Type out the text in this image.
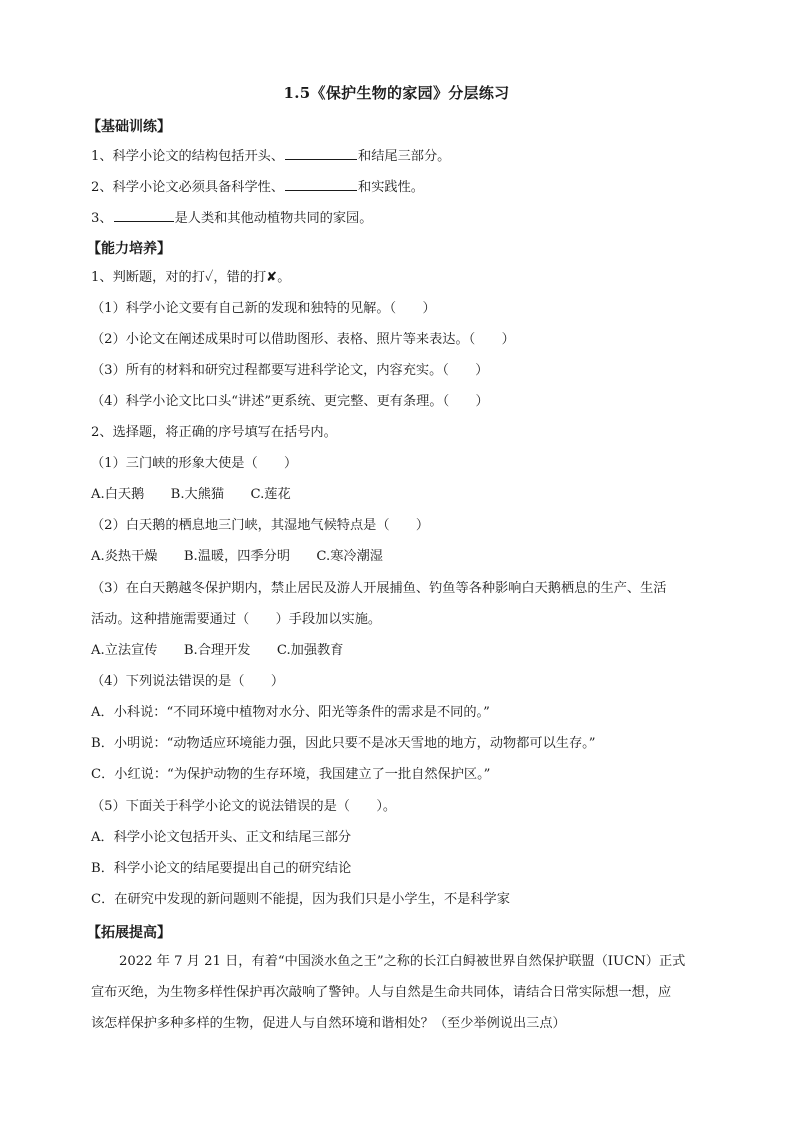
1.5《保护生物的家园》分层练习
【基础训练】
1、科学小论文的结构包括开头、	和结尾三部分。
2、科学小论文必须具备科学性、	和实践性。
3、	是人类和其他动植物共同的家园。
【能力培养】
1、判断题，对的打✓，错的打✘。
（1）科学小论文要有自己新的发现和独特的见解。（　　）
（2）小论文在阐述成果时可以借助图形、表格、照片等来表达。（　　）
（3）所有的材料和研究过程都要写进科学论文，内容充实。（　　）
（4）科学小论文比口头“讲述”更系统、更完整、更有条理。（　　）
2、选择题，将正确的序号填写在括号内。
（1）三门峡的形象大使是（　　）
A.白天鹅　　B.大熊猫　　C.莲花
（2）白天鹅的栖息地三门峡，其湿地气候特点是（　　）
A.炎热干燥　　B.温暖，四季分明　　C.寒冷潮湿
（3）在白天鹅越冬保护期内，禁止居民及游人开展捕鱼、钓鱼等各种影响白天鹅栖息的生产、生活
活动。这种措施需要通过（　　）手段加以实施。
A.立法宣传　　B.合理开发　　C.加强教育
（4）下列说法错误的是（　　）
A．小科说：“不同环境中植物对水分、阳光等条件的需求是不同的。”
B．小明说：“动物适应环境能力强，因此只要不是冰天雪地的地方，动物都可以生存。”
C．小红说：“为保护动物的生存环境，我国建立了一批自然保护区。”
（5）下面关于科学小论文的说法错误的是（　　）。
A．科学小论文包括开头、正文和结尾三部分
B．科学小论文的结尾要提出自己的研究结论
C．在研究中发现的新问题则不能提，因为我们只是小学生，不是科学家
【拓展提高】
2022 年 7 月 21 日，有着“中国淡水鱼之王”之称的长江白鲟被世界自然保护联盟（IUCN）正式
宣布灭绝，为生物多样性保护再次敲响了警钟。人与自然是生命共同体，请结合日常实际想一想，应
该怎样保护多种多样的生物，促进人与自然环境和谐相处？（至少举例说出三点）
